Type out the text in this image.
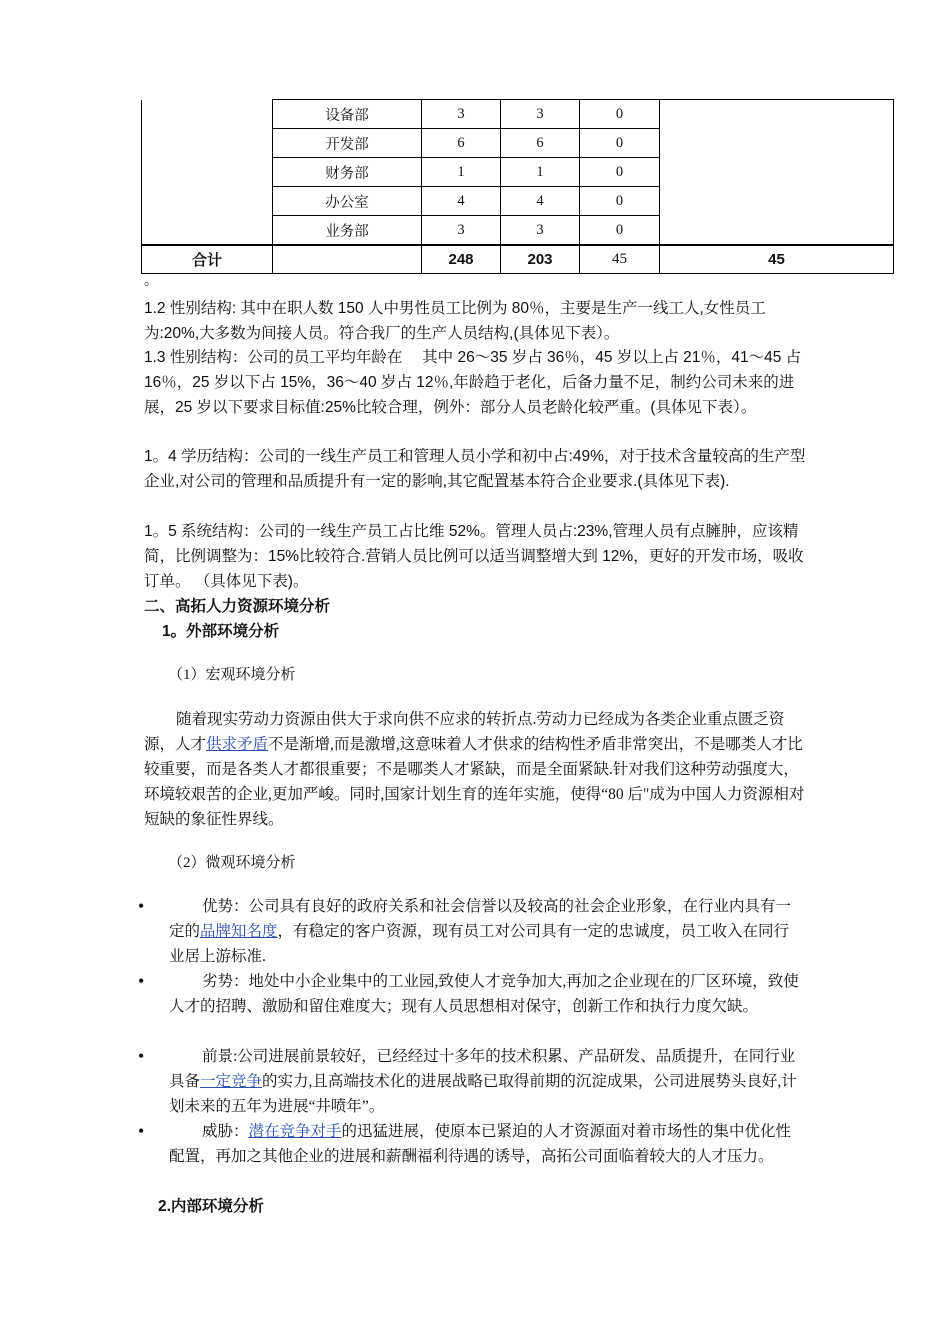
	设备部	3	3	0	
	开发部	6	6	0	
	财务部	1	1	0	
	办公室	4	4	0	
	业务部	3	3	0	
合计		248	203	45	45
。
1.2 性别结构: 其中在职人数 150 人中男性员工比例为 80％，主要是生产一线工人,女性员工为:20%,大多数为间接人员。符合我厂的生产人员结构,(具体见下表）。
1.3 性别结构：公司的员工平均年龄在　 其中 26～35 岁占 36％，45 岁以上占 21％，41～45 占 16％，25 岁以下占 15%，36～40 岁占 12％,年龄趋于老化，后备力量不足，制约公司未来的进展，25 岁以下要求目标值:25%比较合理，例外：部分人员老龄化较严重。(具体见下表）。
1。4 学历结构：公司的一线生产员工和管理人员小学和初中占:49%，对于技术含量较高的生产型企业,对公司的管理和品质提升有一定的影响,其它配置基本符合企业要求.(具体见下表).
1。5 系统结构：公司的一线生产员工占比维 52%。管理人员占:23%,管理人员有点臃肿，应该精简，比例调整为：15%比较符合.营销人员比例可以适当调整增大到 12%，更好的开发市场，吸收订单。 （具体见下表)。
二、高拓人力资源环境分析
1。外部环境分析
（1）宏观环境分析
随着现实劳动力资源由供大于求向供不应求的转折点.劳动力已经成为各类企业重点匮乏资源，人才供求矛盾不是渐增,而是激增,这意味着人才供求的结构性矛盾非常突出，不是哪类人才比较重要，而是各类人才都很重要；不是哪类人才紧缺，而是全面紧缺.针对我们这种劳动强度大，环境较艰苦的企业,更加严峻。同时,国家计划生育的连年实施，使得“80 后"成为中国人力资源相对短缺的象征性界线。
（2）微观环境分析
•	优势：公司具有良好的政府关系和社会信誉以及较高的社会企业形象，在行业内具有一定的品牌知名度，有稳定的客户资源，现有员工对公司具有一定的忠诚度，员工收入在同行业居上游标准.
•	劣势：地处中小企业集中的工业园,致使人才竞争加大,再加之企业现在的厂区环境，致使人才的招聘、激励和留住难度大；现有人员思想相对保守，创新工作和执行力度欠缺。
•	前景:公司进展前景较好，已经经过十多年的技术积累、产品研发、品质提升，在同行业具备一定竞争的实力,且高端技术化的进展战略已取得前期的沉淀成果，公司进展势头良好,计划未来的五年为进展“井喷年”。
•	威胁：潜在竞争对手的迅猛进展，使原本已紧迫的人才资源面对着市场性的集中优化性配置，再加之其他企业的进展和薪酬福利待遇的诱导，高拓公司面临着较大的人才压力。
2.内部环境分析
